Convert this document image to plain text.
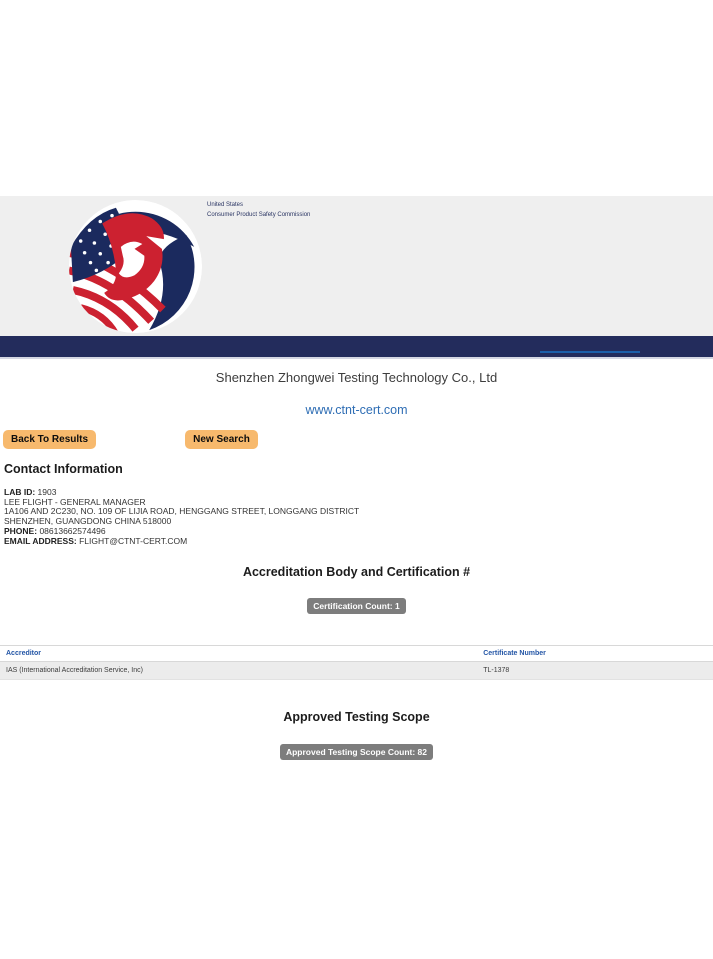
United States
Consumer Product Safety Commission
Shenzhen Zhongwei Testing Technology Co., Ltd
www.ctnt-cert.com
Back To Results	New Search
Contact Information
LAB ID: 1903
LEE FLIGHT - GENERAL MANAGER
1A106 AND 2C230, NO. 109 OF LIJIA ROAD, HENGGANG STREET, LONGGANG DISTRICT
SHENZHEN, GUANGDONG CHINA 518000
PHONE: 08613662574496
EMAIL ADDRESS: FLIGHT@CTNT-CERT.COM
Accreditation Body and Certification #
Certification Count: 1
Accreditor	Certificate Number
IAS (International Accreditation Service, Inc)	TL-1378
Approved Testing Scope
Approved Testing Scope Count: 82
